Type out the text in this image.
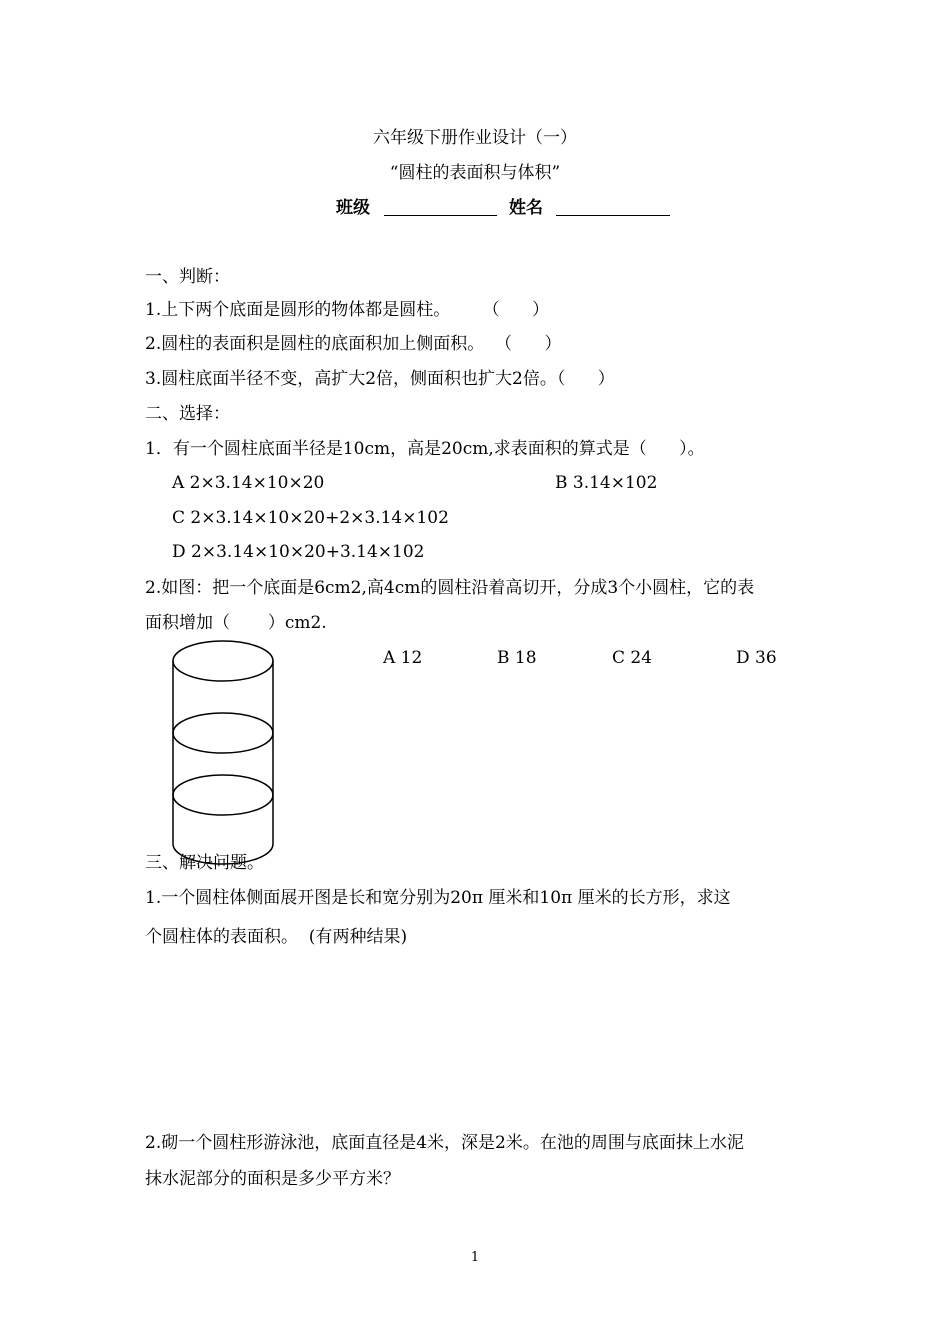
六年级下册作业设计（一）
“圆柱的表面积与体积”
班级	姓名
一、判断：
1.上下两个底面是圆形的物体都是圆柱。      （      ）
2.圆柱的表面积是圆柱的底面积加上侧面积。  （      ）
3.圆柱底面半径不变，高扩大2倍，侧面积也扩大2倍。（      ）
二、选择：
1．有一个圆柱底面半径是10cm，高是20cm,求表面积的算式是（      ）。
A 2×3.14×10×20	B 3.14×102
C 2×3.14×10×20+2×3.14×102
D 2×3.14×10×20+3.14×102
2.如图：把一个底面是6cm2,高4cm的圆柱沿着高切开，分成3个小圆柱，它的表
面积增加（       ）cm2.
A 12	B 18	C 24	D 36
三、解决问题。
1.一个圆柱体侧面展开图是长和宽分别为20π 厘米和10π 厘米的长方形，求这
个圆柱体的表面积。  (有两种结果)
2.砌一个圆柱形游泳池，底面直径是4米，深是2米。在池的周围与底面抹上水泥
抹水泥部分的面积是多少平方米？
1
